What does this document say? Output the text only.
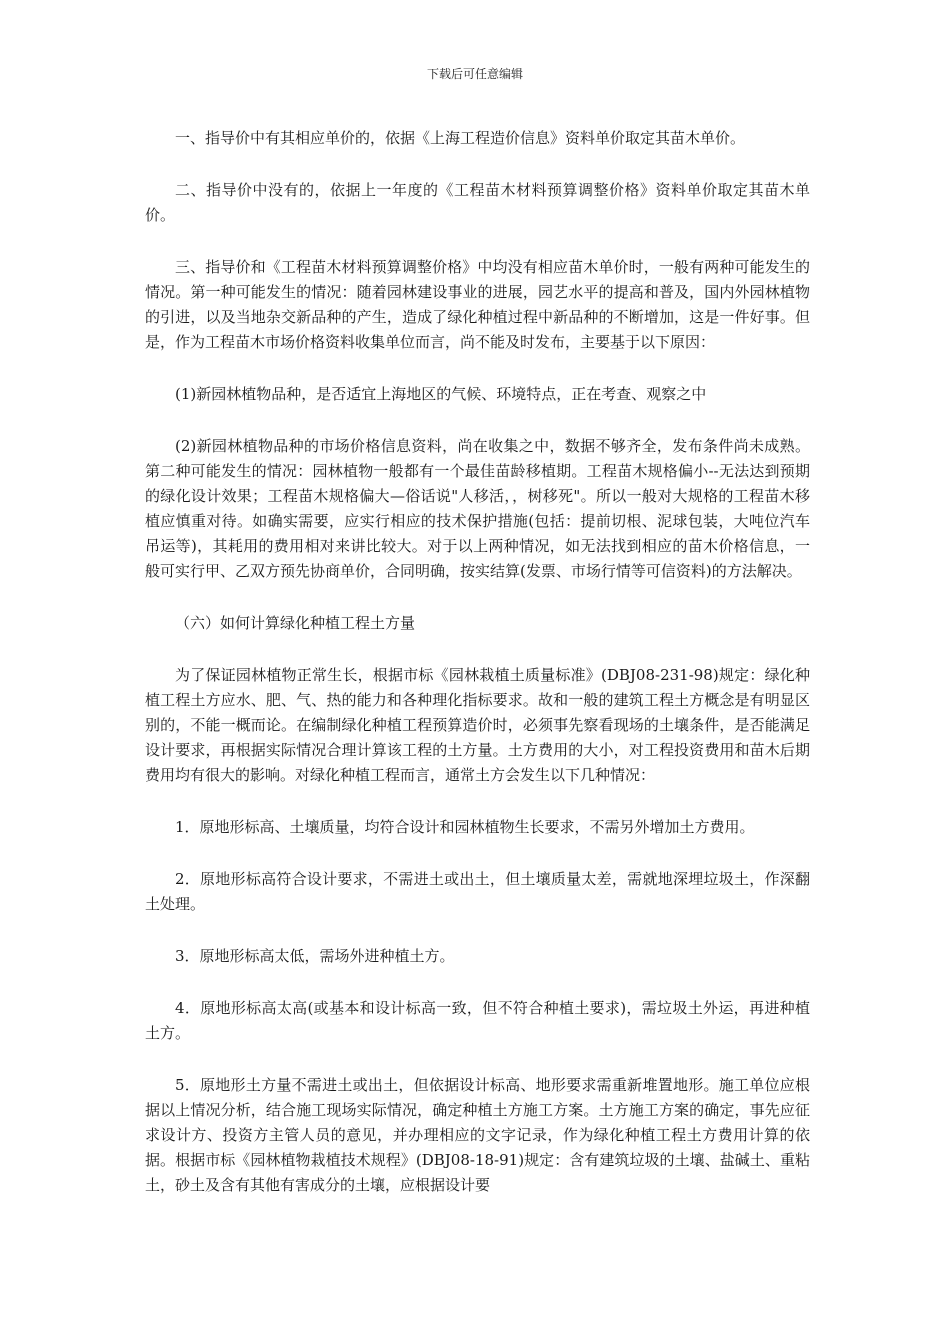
下载后可任意编辑

一、指导价中有其相应单价的，依据《上海工程造价信息》资料单价取定其苗木单价。

二、指导价中没有的，依据上一年度的《工程苗木材料预算调整价格》资料单价取定其苗木单价。

三、指导价和《工程苗木材料预算调整价格》中均没有相应苗木单价时，一般有两种可能发生的情况。第一种可能发生的情况：随着园林建设事业的进展，园艺水平的提高和普及，国内外园林植物的引进，以及当地杂交新品种的产生，造成了绿化种植过程中新品种的不断增加，这是一件好事。但是，作为工程苗木市场价格资料收集单位而言，尚不能及时发布，主要基于以下原因：

(1)新园林植物品种，是否适宜上海地区的气候、环境特点，正在考查、观察之中

(2)新园林植物品种的市场价格信息资料，尚在收集之中，数据不够齐全，发布条件尚未成熟。第二种可能发生的情况：园林植物一般都有一个最佳苗龄移植期。工程苗木规格偏小--无法达到预期的绿化设计效果；工程苗木规格偏大—俗话说"人移活，，树移死"。所以一般对大规格的工程苗木移植应慎重对待。如确实需要，应实行相应的技术保护措施(包括：提前切根、泥球包装，大吨位汽车吊运等)，其耗用的费用相对来讲比较大。对于以上两种情况，如无法找到相应的苗木价格信息，一般可实行甲、乙双方预先协商单价，合同明确，按实结算(发票、市场行情等可信资料)的方法解决。

（六）如何计算绿化种植工程土方量

为了保证园林植物正常生长，根据市标《园林栽植土质量标准》(DBJ08-231-98)规定：绿化种植工程土方应水、肥、气、热的能力和各种理化指标要求。故和一般的建筑工程土方概念是有明显区别的，不能一概而论。在编制绿化种植工程预算造价时，必须事先察看现场的土壤条件，是否能满足设计要求，再根据实际情况合理计算该工程的土方量。土方费用的大小，对工程投资费用和苗木后期费用均有很大的影响。对绿化种植工程而言，通常土方会发生以下几种情况：

1．原地形标高、土壤质量，均符合设计和园林植物生长要求，不需另外增加土方费用。

2．原地形标高符合设计要求，不需进土或出土，但土壤质量太差，需就地深埋垃圾土，作深翻土处理。

3．原地形标高太低，需场外进种植土方。

4．原地形标高太高(或基本和设计标高一致，但不符合种植土要求)，需垃圾土外运，再进种植土方。

5．原地形土方量不需进土或出土，但依据设计标高、地形要求需重新堆置地形。施工单位应根据以上情况分析，结合施工现场实际情况，确定种植土方施工方案。土方施工方案的确定，事先应征求设计方、投资方主管人员的意见，并办理相应的文字记录，作为绿化种植工程土方费用计算的依据。根据市标《园林植物栽植技术规程》(DBJ08-18-91)规定：含有建筑垃圾的土壤、盐碱土、重粘土，砂土及含有其他有害成分的土壤，应根据设计要
